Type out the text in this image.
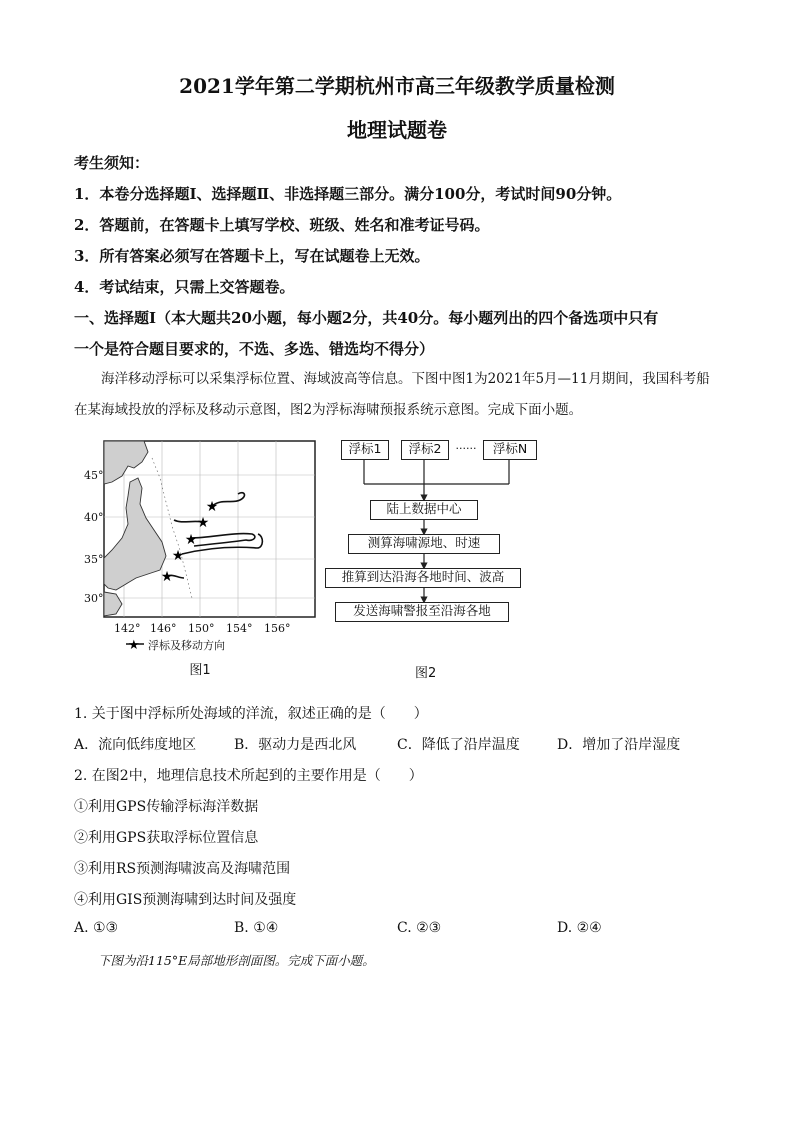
2021学年第二学期杭州市高三年级教学质量检测
地理试题卷
考生须知：
1．本卷分选择题Ⅰ、选择题Ⅱ、非选择题三部分。满分100分，考试时间90分钟。
2．答题前，在答题卡上填写学校、班级、姓名和准考证号码。
3．所有答案必须写在答题卡上，写在试题卷上无效。
4．考试结束，只需上交答题卷。
一、选择题Ⅰ（本大题共20小题，每小题2分，共40分。每小题列出的四个备选项中只有
一个是符合题目要求的，不选、多选、错选均不得分）
海洋移动浮标可以采集浮标位置、海域波高等信息。下图中图1为2021年5月—11月期间，我国科考船在某海域投放的浮标及移动示意图，图2为浮标海啸预报系统示意图。完成下面小题。
★
★
★
★
★
45°
40°
35°
30°
142° 146° 150° 154° 156°
★ 浮标及移动方向
图1
浮标1	浮标2	······	浮标N
陆上数据中心
测算海啸源地、时速
推算到达沿海各地时间、波高
发送海啸警报至沿海各地
图2
1. 关于图中浮标所处海域的洋流，叙述正确的是（　　）
A．流向低纬度地区	B．驱动力是西北风	C．降低了沿岸温度	D．增加了沿岸湿度
2. 在图2中，地理信息技术所起到的主要作用是（　　）
①利用GPS传输浮标海洋数据
②利用GPS获取浮标位置信息
③利用RS预测海啸波高及海啸范围
④利用GIS预测海啸到达时间及强度
A. ①③	B. ①④	C. ②③	D. ②④
下图为沿115°E局部地形剖面图。完成下面小题。
